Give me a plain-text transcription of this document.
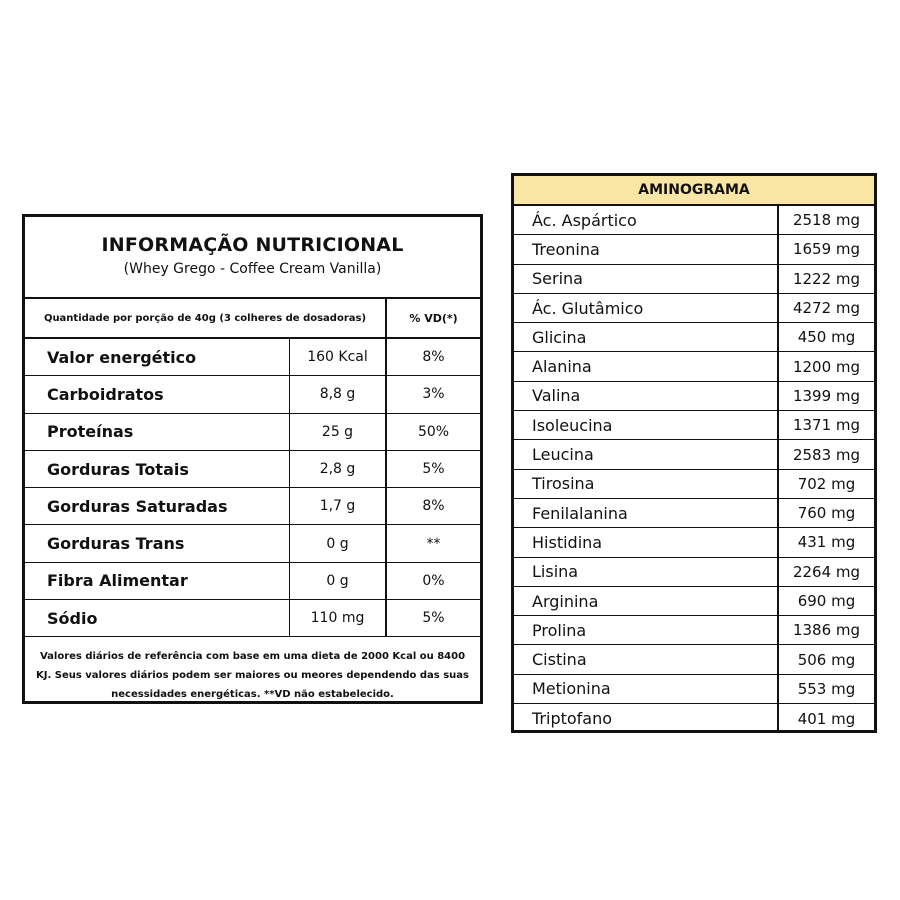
INFORMAÇÃO NUTRICIONAL
(Whey Grego - Coffee Cream Vanilla)
Quantidade por porção de 40g (3 colheres de dosadoras)	% VD(*)
Valor energético	160 Kcal	8%
Carboidratos	8,8 g	3%
Proteínas	25 g	50%
Gorduras Totais	2,8 g	5%
Gorduras Saturadas	1,7 g	8%
Gorduras Trans	0 g	**
Fibra Alimentar	0 g	0%
Sódio	110 mg	5%
Valores diários de referência com base em uma dieta de 2000 Kcal ou 8400 KJ. Seus valores diários podem ser maiores ou meores dependendo das suas necessidades energéticas. **VD não estabelecido.
AMINOGRAMA
Ác. Aspártico	2518 mg
Treonina	1659 mg
Serina	1222 mg
Ác. Glutâmico	4272 mg
Glicina	450 mg
Alanina	1200 mg
Valina	1399 mg
Isoleucina	1371 mg
Leucina	2583 mg
Tirosina	702 mg
Fenilalanina	760 mg
Histidina	431 mg
Lisina	2264 mg
Arginina	690 mg
Prolina	1386 mg
Cistina	506 mg
Metionina	553 mg
Triptofano	401 mg
